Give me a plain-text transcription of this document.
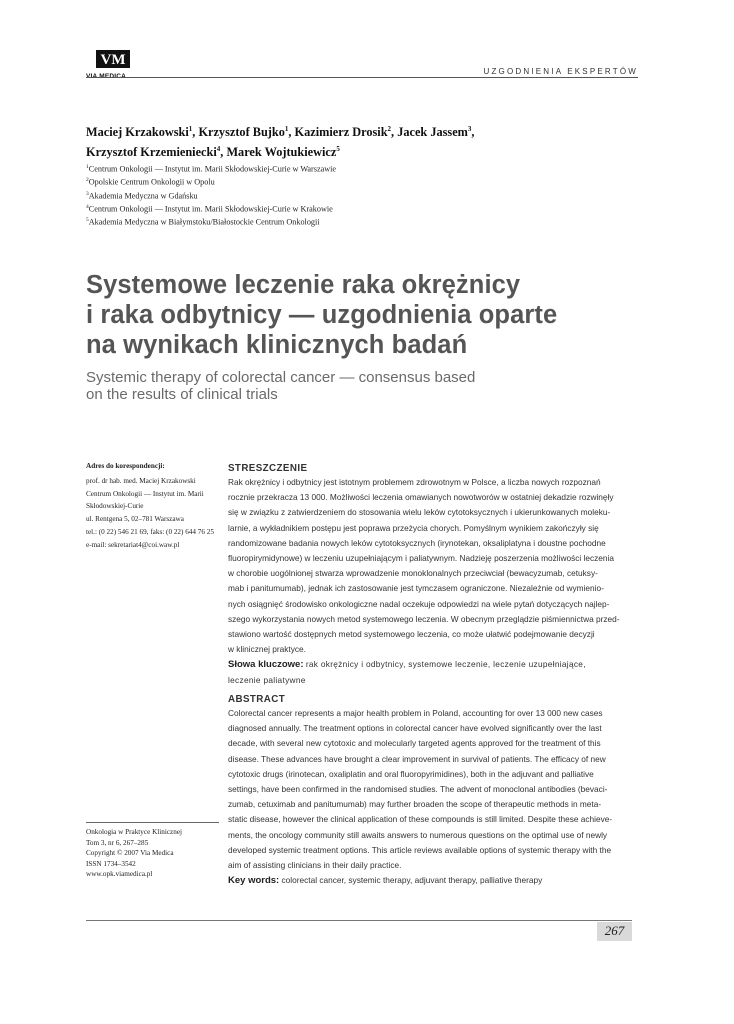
VM
UZGODNIENIA EKSPERTÓW
Maciej Krzakowski$^1$, Krzysztof Bujko$^1$, Kazimierz Drosik$^2$, Jacek Jassem$^3$,
Krzysztof Krzemieniecki$^4$, Marek Wojtukiewicz$^5$
$^1$Centrum Onkologii — Instytut im. Marii Skłodowskiej-Curie w Warszawie
$^2$Opolskie Centrum Onkologii w Opolu
$^3$Akademia Medyczna w Gdańsku
$^4$Centrum Onkologii — Instytut im. Marii Skłodowskiej-Curie w Krakowie
$^5$Akademia Medyczna w Białymstoku/Białostockie Centrum Onkologii
Systemowe leczenie raka okrężnicy
i raka odbytnicy — uzgodnienia oparte
na wynikach klinicznych badań
Systemic therapy of colorectal cancer — consensus based
on the results of clinical trials
Adres do korespondencji:
prof. dr hab. med. Maciej Krzakowski
Centrum Onkologii — Instytut im. Marii
Skłodowskiej-Curie
ul. Rentgena 5, 02–781 Warszawa
tel.: (0 22) 546 21 69, faks: (0 22) 644 76 25
e-mail: sekretariat4@coi.waw.pl
Onkologia w Praktyce Klinicznej
Tom 3, nr 6, 267–285
Copyright © 2007 Via Medica
ISSN 1734–3542
www.opk.viamedica.pl
STRESZCZENIE
Rak okrężnicy i odbytnicy jest istotnym problemem zdrowotnym w Polsce, a liczba nowych rozpoznań
rocznie przekracza 13 000. Możliwości leczenia omawianych nowotworów w ostatniej dekadzie rozwinęły
się w związku z zatwierdzeniem do stosowania wielu leków cytotoksycznych i ukierunkowanych moleku-
larnie, a wykładnikiem postępu jest poprawa przeżycia chorych. Pomyślnym wynikiem zakończyły się
randomizowane badania nowych leków cytotoksycznych (irynotekan, oksaliplatyna i doustne pochodne
fluoropirymidynowe) w leczeniu uzupełniającym i paliatywnym. Nadzieję poszerzenia możliwości leczenia
w chorobie uogólnionej stwarza wprowadzenie monoklonalnych przeciwciał (bewacyzumab, cetuksy-
mab i panitumumab), jednak ich zastosowanie jest tymczasem ograniczone. Niezależnie od wymienio-
nych osiągnięć środowisko onkologiczne nadal oczekuje odpowiedzi na wiele pytań dotyczących najlep-
szego wykorzystania nowych metod systemowego leczenia. W obecnym przeglądzie piśmiennictwa przed-
stawiono wartość dostępnych metod systemowego leczenia, co może ułatwić podejmowanie decyzji
w klinicznej praktyce.
Słowa kluczowe: rak okrężnicy i odbytnicy, systemowe leczenie, leczenie uzupełniające,
leczenie paliatywne
ABSTRACT
Colorectal cancer represents a major health problem in Poland, accounting for over 13 000 new cases
diagnosed annually. The treatment options in colorectal cancer have evolved significantly over the last
decade, with several new cytotoxic and molecularly targeted agents approved for the treatment of this
disease. These advances have brought a clear improvement in survival of patients. The efficacy of new
cytotoxic drugs (irinotecan, oxaliplatin and oral fluoropyrimidines), both in the adjuvant and palliative
settings, have been confirmed in the randomised studies. The advent of monoclonal antibodies (bevaci-
zumab, cetuximab and panitumumab) may further broaden the scope of therapeutic methods in meta-
static disease, however the clinical application of these compounds is still limited. Despite these achieve-
ments, the oncology community still awaits answers to numerous questions on the optimal use of newly
developed systemic treatment options. This article reviews available options of systemic therapy with the
aim of assisting clinicians in their daily practice.
Key words: colorectal cancer, systemic therapy, adjuvant therapy, palliative therapy
267
